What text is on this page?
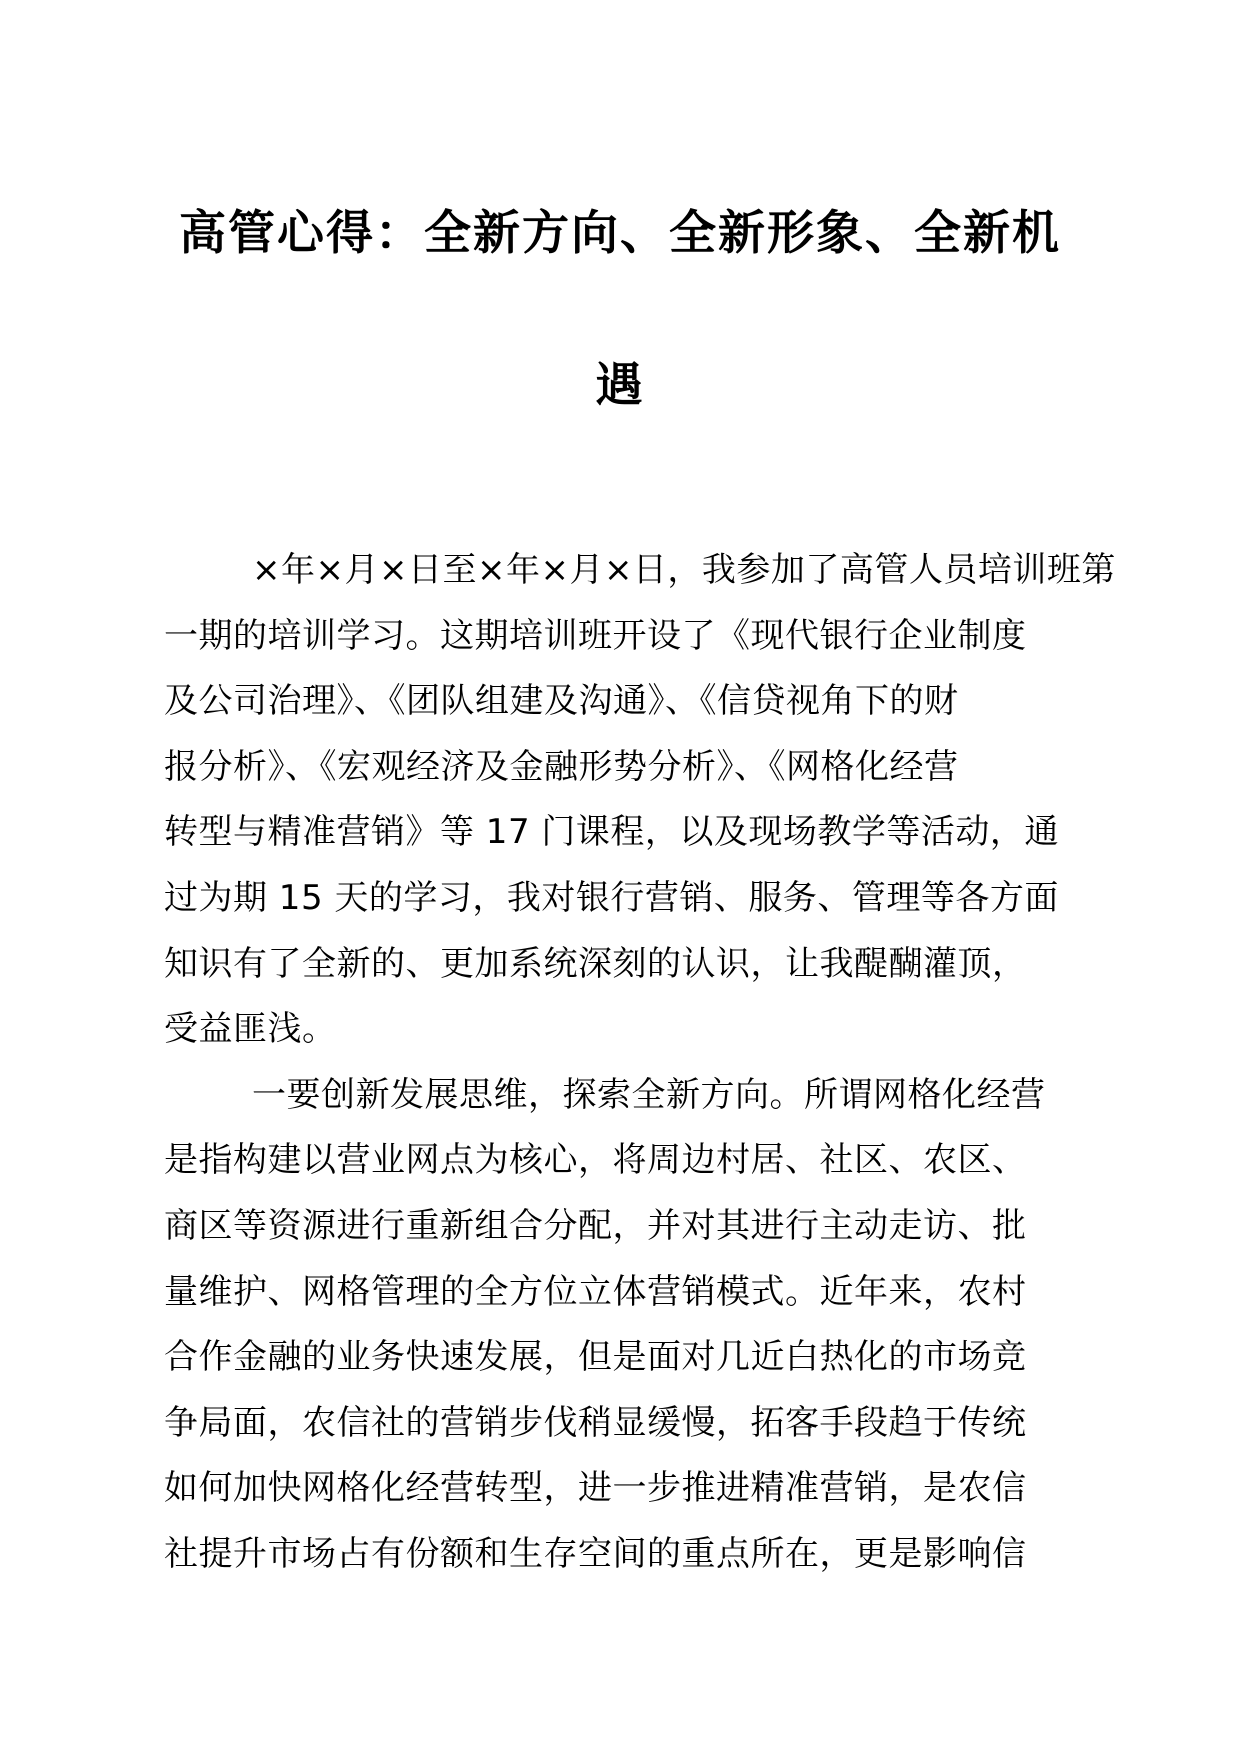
高管心得：全新方向、全新形象、全新机
遇
×年×月×日至×年×月×日，我参加了高管人员培训班第
一期的培训学习。这期培训班开设了《现代银行企业制度
及公司治理》、《团队组建及沟通》、《信贷视角下的财
报分析》、《宏观经济及金融形势分析》、《网格化经营
转型与精准营销》等 17 门课程，以及现场教学等活动，通
过为期 15 天的学习，我对银行营销、服务、管理等各方面
知识有了全新的、更加系统深刻的认识，让我醍醐灌顶，
受益匪浅。
一要创新发展思维，探索全新方向。所谓网格化经营
是指构建以营业网点为核心，将周边村居、社区、农区、
商区等资源进行重新组合分配，并对其进行主动走访、批
量维护、网格管理的全方位立体营销模式。近年来，农村
合作金融的业务快速发展，但是面对几近白热化的市场竞
争局面，农信社的营销步伐稍显缓慢，拓客手段趋于传统
如何加快网格化经营转型，进一步推进精准营销，是农信
社提升市场占有份额和生存空间的重点所在，更是影响信
